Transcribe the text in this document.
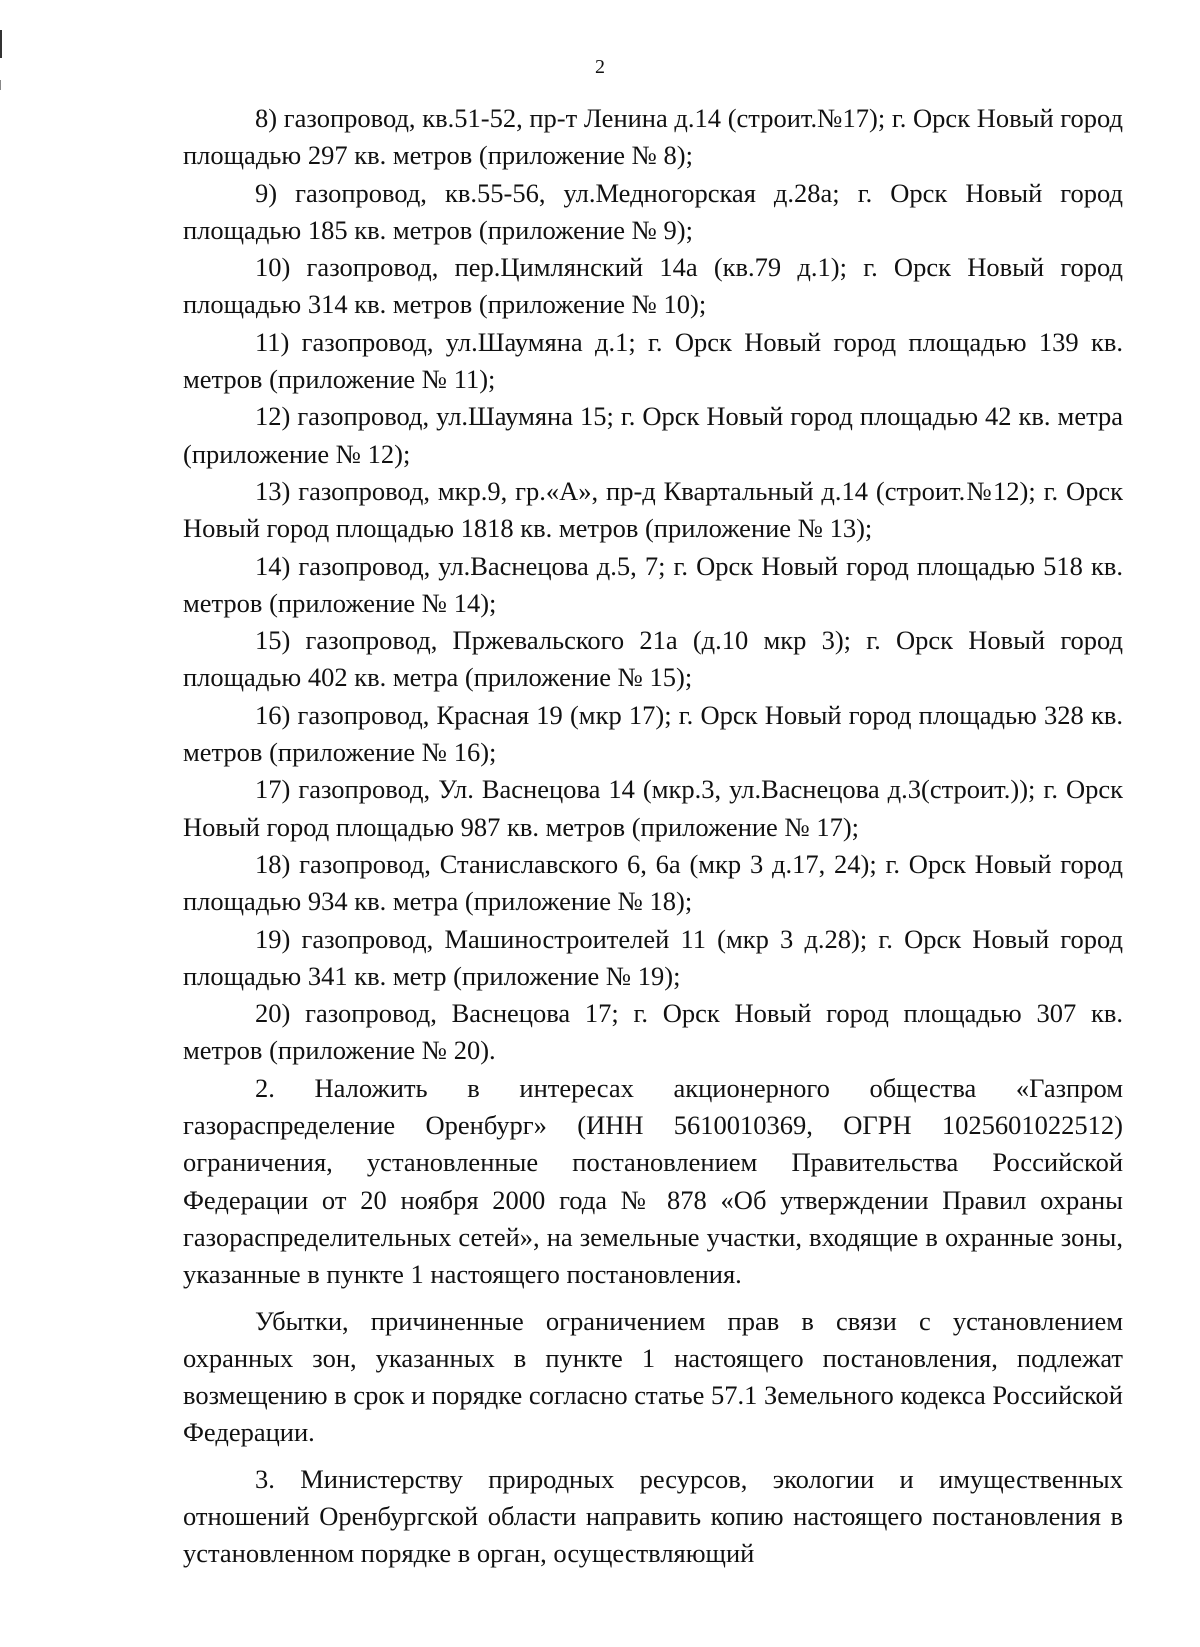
2

8) газопровод, кв.51-52, пр-т Ленина д.14 (строит.№17); г. Орск Новый город площадью 297 кв. метров (приложение № 8);

9) газопровод, кв.55-56, ул.Медногорская д.28а; г. Орск Новый город площадью 185 кв. метров (приложение № 9);

10) газопровод, пер.Цимлянский 14а (кв.79 д.1); г. Орск Новый город площадью 314 кв. метров (приложение № 10);

11) газопровод, ул.Шаумяна д.1; г. Орск Новый город площадью 139 кв. метров (приложение № 11);

12) газопровод, ул.Шаумяна 15; г. Орск Новый город площадью 42 кв. метра (приложение № 12);

13) газопровод, мкр.9, гр.«А», пр-д Квартальный д.14 (строит.№12); г. Орск Новый город площадью 1818 кв. метров (приложение № 13);

14) газопровод, ул.Васнецова д.5, 7; г. Орск Новый город площадью 518 кв. метров (приложение № 14);

15) газопровод, Пржевальского 21а (д.10 мкр 3); г. Орск Новый город площадью 402 кв. метра (приложение № 15);

16) газопровод, Красная 19 (мкр 17); г. Орск Новый город площадью 328 кв. метров (приложение № 16);

17) газопровод, Ул. Васнецова 14 (мкр.3, ул.Васнецова д.3(строит.)); г. Орск Новый город площадью 987 кв. метров (приложение № 17);

18) газопровод, Станиславского 6, 6а (мкр 3 д.17, 24); г. Орск Новый город площадью 934 кв. метра (приложение № 18);

19) газопровод, Машиностроителей 11 (мкр 3 д.28); г. Орск Новый город площадью 341 кв. метр (приложение № 19);

20) газопровод, Васнецова 17; г. Орск Новый город площадью 307 кв. метров (приложение № 20).

2. Наложить в интересах акционерного общества «Газпром газораспределение Оренбург» (ИНН 5610010369, ОГРН 1025601022512) ограничения, установленные постановлением Правительства Российской Федерации от 20 ноября 2000 года № 878 «Об утверждении Правил охраны газораспределительных сетей», на земельные участки, входящие в охранные зоны, указанные в пункте 1 настоящего постановления.

Убытки, причиненные ограничением прав в связи с установлением охранных зон, указанных в пункте 1 настоящего постановления, подлежат возмещению в срок и порядке согласно статье 57.1 Земельного кодекса Российской Федерации.

3. Министерству природных ресурсов, экологии и имущественных отношений Оренбургской области направить копию настоящего постановления в установленном порядке в орган, осуществляющий
